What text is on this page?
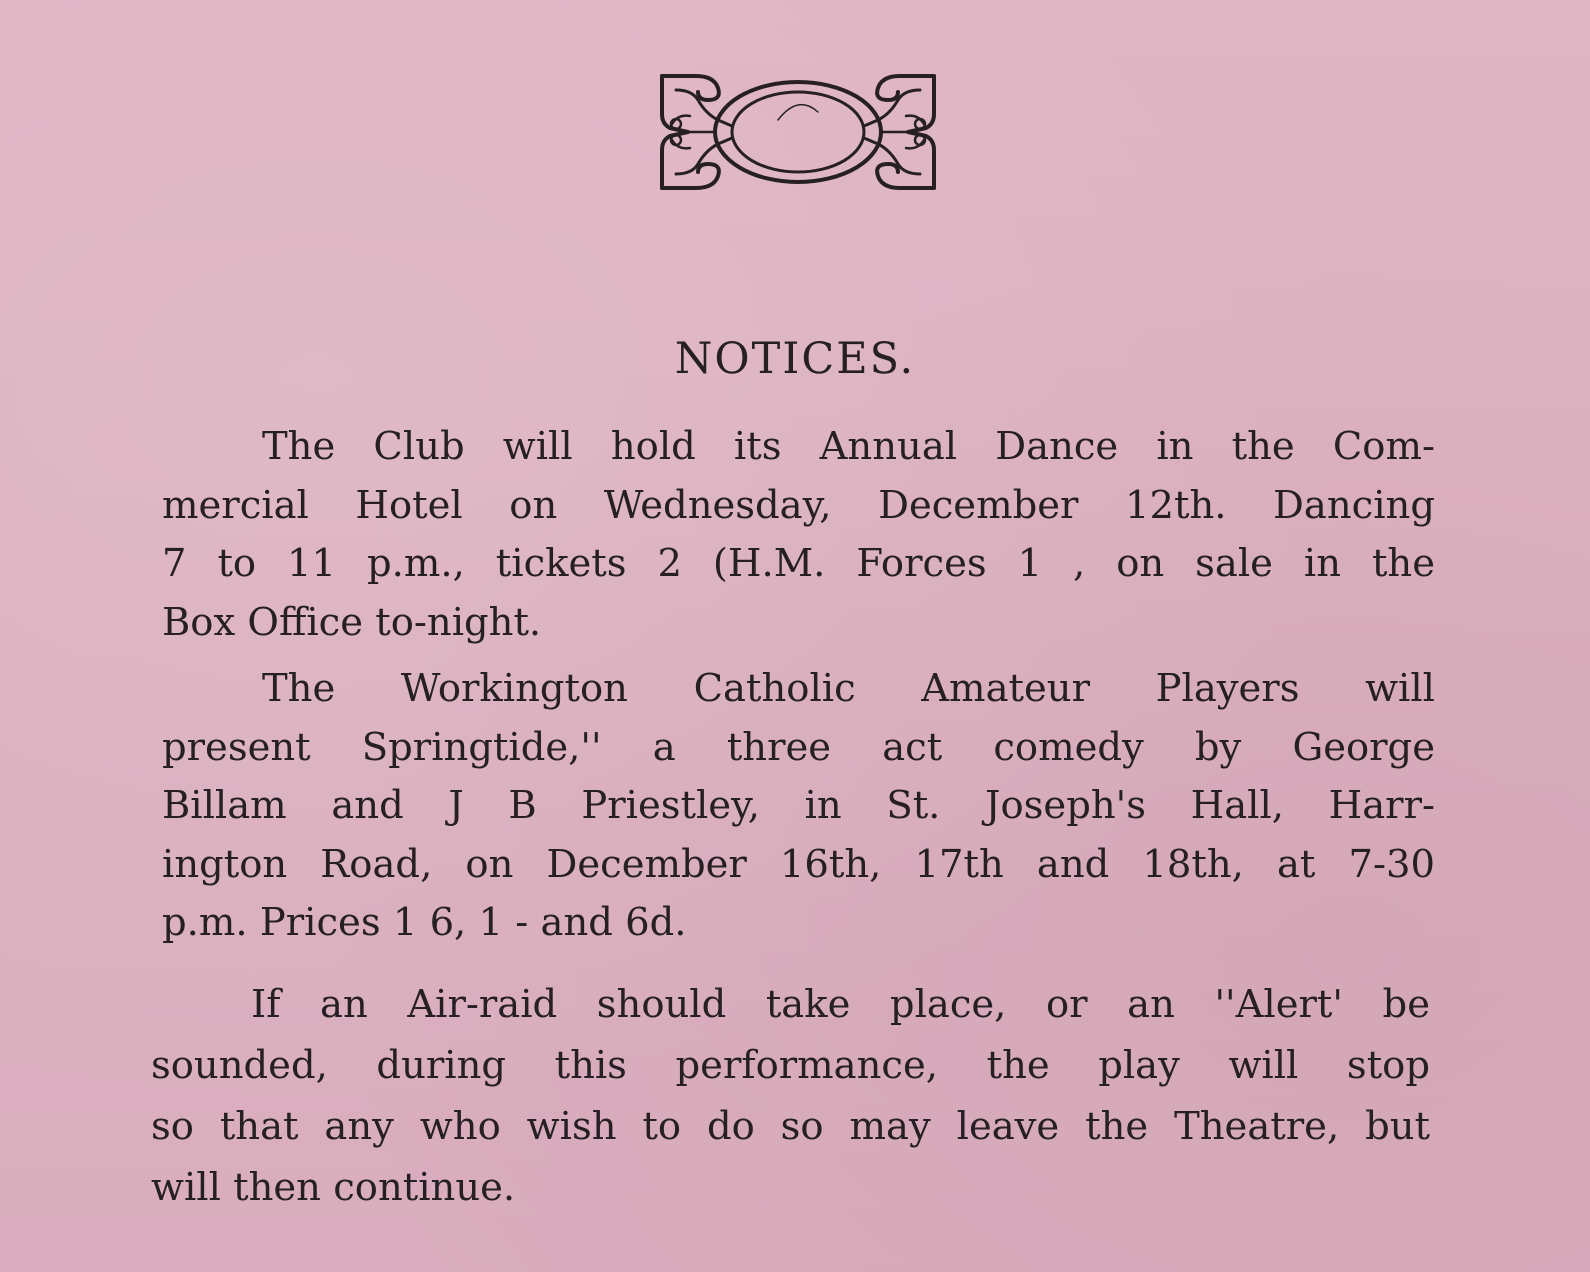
NOTICES.

The Club will hold its Annual Dance in the Com-
mercial Hotel on Wednesday, December 12th. Dancing
7 to 11 p.m., tickets 2 (H.M. Forces 1 , on sale in the
Box Office to-night.

The Workington Catholic Amateur Players will
present Springtide,'' a three act comedy by George
Billam and J B Priestley, in St. Joseph's Hall, Harr-
ington Road, on December 16th, 17th and 18th, at 7-30
p.m. Prices 1 6, 1 - and 6d.

If an Air-raid should take place, or an ''Alert' be
sounded, during this performance, the play will stop
so that any who wish to do so may leave the Theatre, but
will then continue.
